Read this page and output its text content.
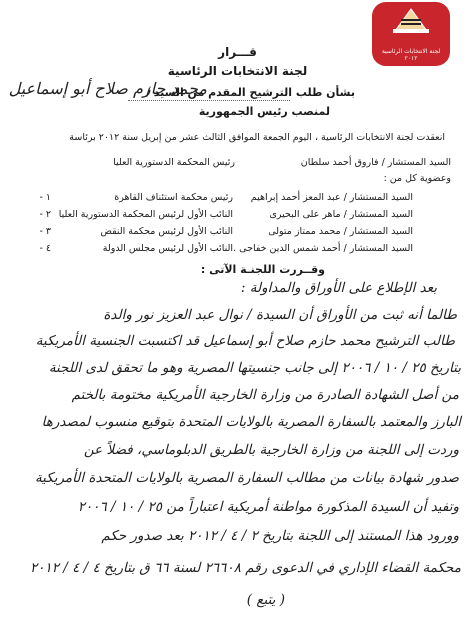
لجنة الانتخابات الرئاسية
٢٠١٢
قـــرار
لجنة الانتخابات الرئاسية
بشأن طلب الترشيح المقدم من السيد /
محمد حازم صلاح أبو إسماعيل
لمنصب رئيس الجمهورية
انعقدت لجنة الانتخابات الرئاسية ، اليوم الجمعة الموافق الثالث عشر من إبريل سنة ٢٠١٢ برئاسة
السيد المستشار / فاروق أحمد سلطان
رئيس المحكمة الدستورية العليا
وعضوية كل من :
١ -	السيد المستشار / عبد المعز أحمد إبراهيم
رئيس محكمة استئناف القاهرة
٢ -	السيد المستشار / ماهر على البحيرى
النائب الأول لرئيس المحكمة الدستورية العليا
٣ -	السيد المستشار / محمد ممتاز متولى
النائب الأول لرئيس محكمة النقض
٤ -	السيد المستشار / أحمد شمس الدين خفاجى .
النائب الأول لرئيس مجلس الدولة
وقــررت اللجنـة الآتى :
بعد الإطلاع على الأوراق والمداولة :
طالما أنه ثبت من الأوراق أن السيدة / نوال عبد العزيز نور والدة
طالب الترشيح محمد حازم صلاح أبو إسماعيل قد اكتسبت الجنسية الأمريكية
بتاريخ ٢٥ / ١٠ / ٢٠٠٦ إلى جانب جنسيتها المصرية وهو ما تحقق لدى اللجنة
من أصل الشهادة الصادرة من وزارة الخارجية الأمريكية مختومة بالختم
البارز والمعتمد بالسفارة المصرية بالولايات المتحدة بتوقيع منسوب لمصدرها
وردت إلى اللجنة من وزارة الخارجية بالطريق الدبلوماسي، فضلاً عن
صدور شهادة بيانات من مطالب السفارة المصرية بالولايات المتحدة الأمريكية
وتفيد أن السيدة المذكورة مواطنة أمريكية اعتباراً من ٢٥ / ١٠ / ٢٠٠٦
وورود هذا المستند إلى اللجنة بتاريخ ٢ / ٤ / ٢٠١٢ بعد صدور حكم
محكمة القضاء الإداري في الدعوى رقم ٢٦٦٠٨ لسنة ٦٦ ق بتاريخ ٤ / ٤ / ٢٠١٢
( يتبع )
